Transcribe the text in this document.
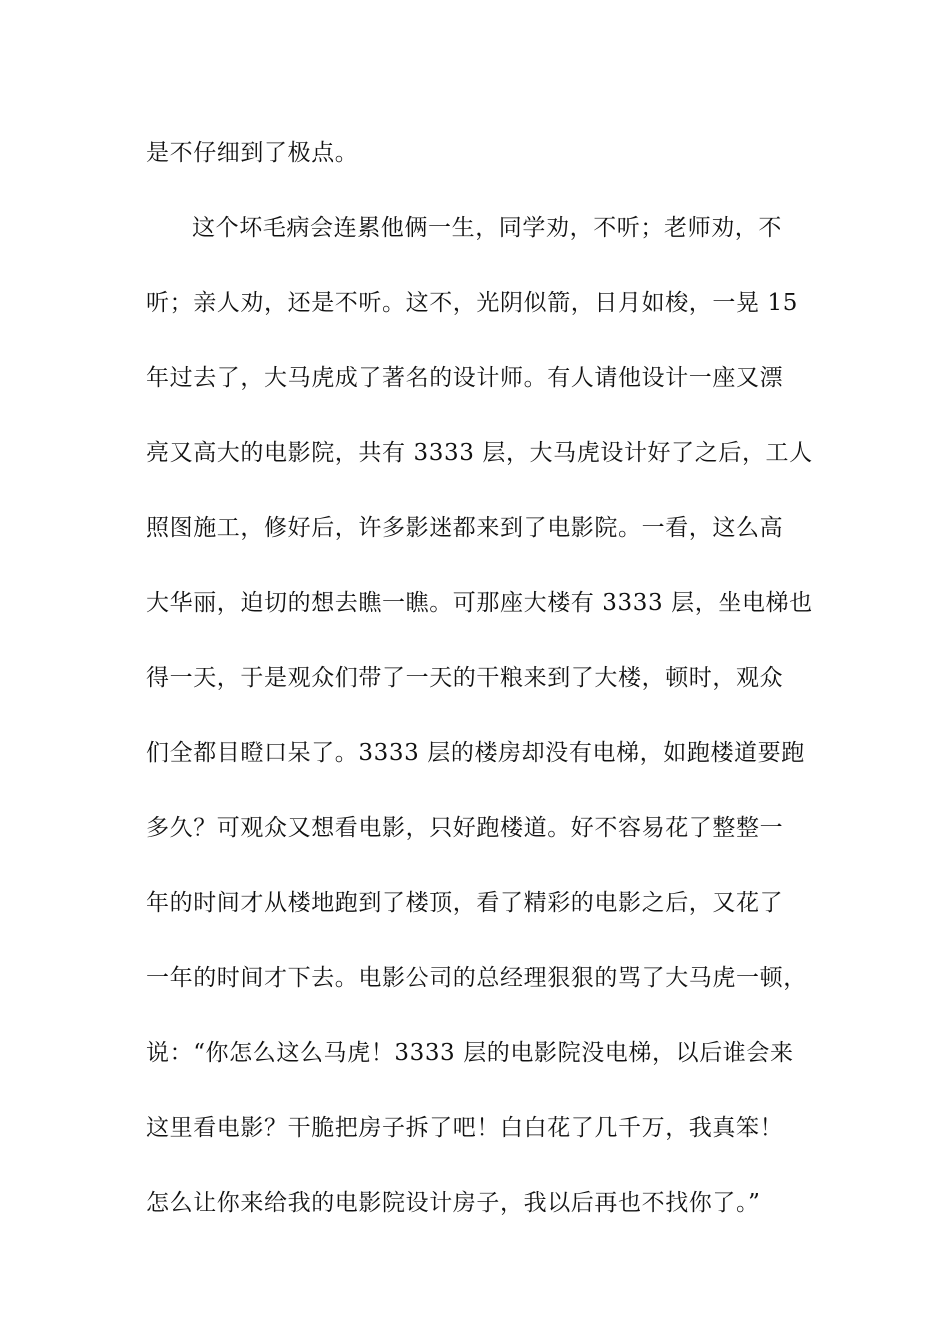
是不仔细到了极点。
这个坏毛病会连累他俩一生，同学劝，不听；老师劝，不
听；亲人劝，还是不听。这不，光阴似箭，日月如梭，一晃 15
年过去了，大马虎成了著名的设计师。有人请他设计一座又漂
亮又高大的电影院，共有 3333 层，大马虎设计好了之后，工人
照图施工，修好后，许多影迷都来到了电影院。一看，这么高
大华丽，迫切的想去瞧一瞧。可那座大楼有 3333 层，坐电梯也
得一天，于是观众们带了一天的干粮来到了大楼，顿时，观众
们全都目瞪口呆了。3333 层的楼房却没有电梯，如跑楼道要跑
多久？可观众又想看电影，只好跑楼道。好不容易花了整整一
年的时间才从楼地跑到了楼顶，看了精彩的电影之后，又花了
一年的时间才下去。电影公司的总经理狠狠的骂了大马虎一顿，
说：“你怎么这么马虎！3333 层的电影院没电梯，以后谁会来
这里看电影？干脆把房子拆了吧！白白花了几千万，我真笨！
怎么让你来给我的电影院设计房子，我以后再也不找你了。”
